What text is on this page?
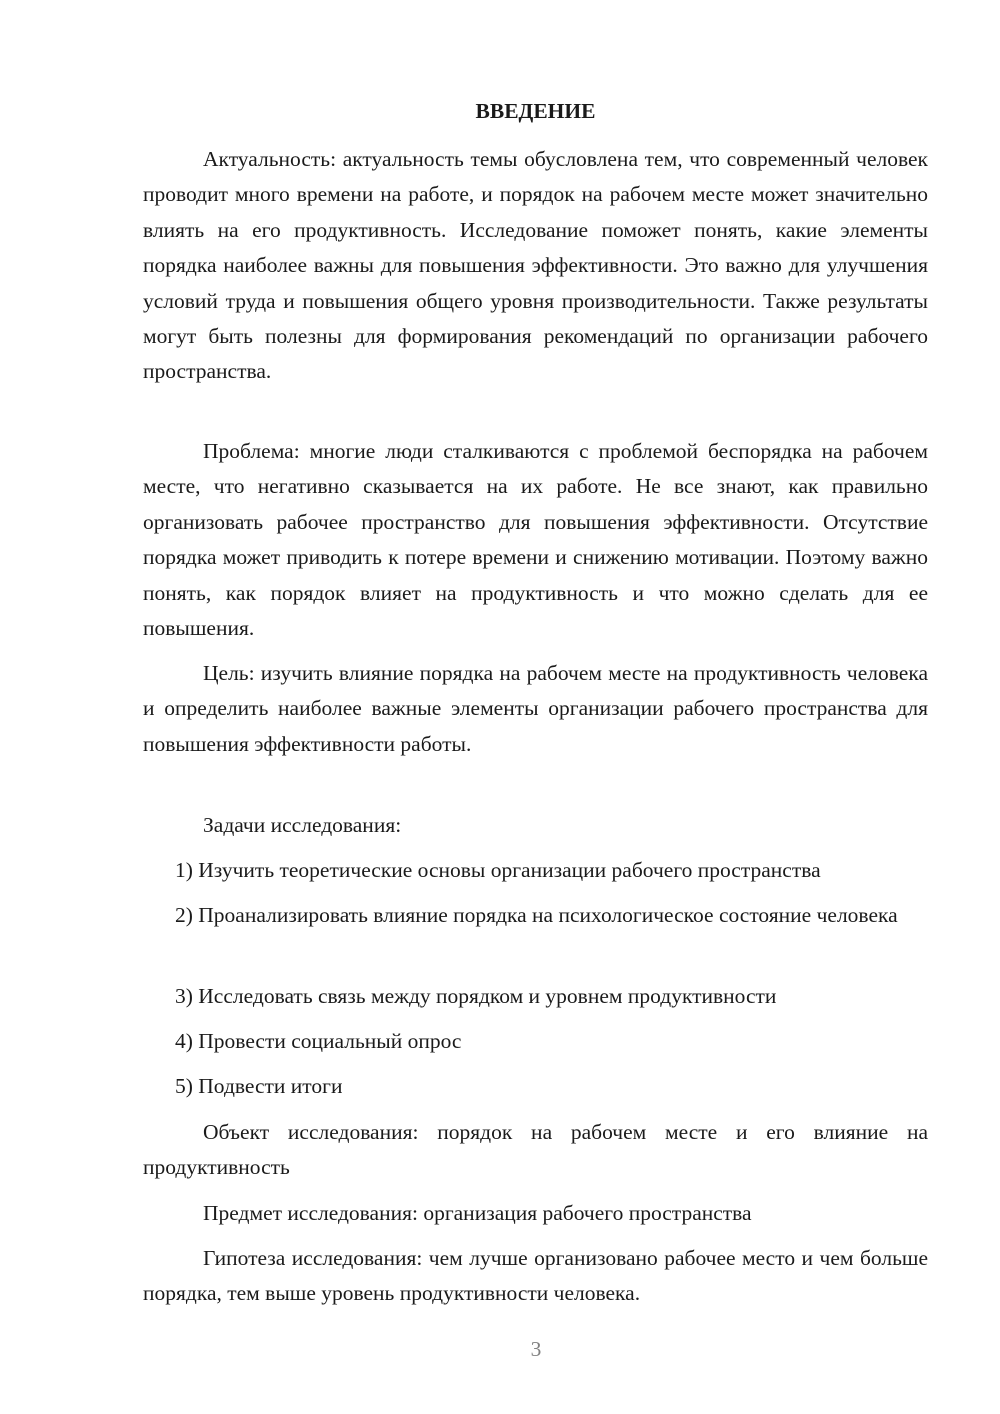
ВВЕДЕНИЕ

Актуальность: актуальность темы обусловлена тем, что современный человек проводит много времени на работе, и порядок на рабочем месте может значительно влиять на его продуктивность. Исследование поможет понять, какие элементы порядка наиболее важны для повышения эффективности. Это важно для улучшения условий труда и повышения общего уровня производительности. Также результаты могут быть полезны для формирования рекомендаций по организации рабочего пространства.

Проблема: многие люди сталкиваются с проблемой беспорядка на рабочем месте, что негативно сказывается на их работе. Не все знают, как правильно организовать рабочее пространство для повышения эффективности. Отсутствие порядка может приводить к потере времени и снижению мотивации. Поэтому важно понять, как порядок влияет на продуктивность и что можно сделать для ее повышения.

Цель: изучить влияние порядка на рабочем месте на продуктивность человека и определить наиболее важные элементы организации рабочего пространства для повышения эффективности работы.

Задачи исследования:

1) Изучить теоретические основы организации рабочего пространства

2) Проанализировать влияние порядка на психологическое состояние человека

3) Исследовать связь между порядком и уровнем продуктивности

4) Провести социальный опрос

5) Подвести итоги

Объект исследования: порядок на рабочем месте и его влияние на продуктивность

Предмет исследования: организация рабочего пространства

Гипотеза исследования: чем лучше организовано рабочее место и чем больше порядка, тем выше уровень продуктивности человека.

3
